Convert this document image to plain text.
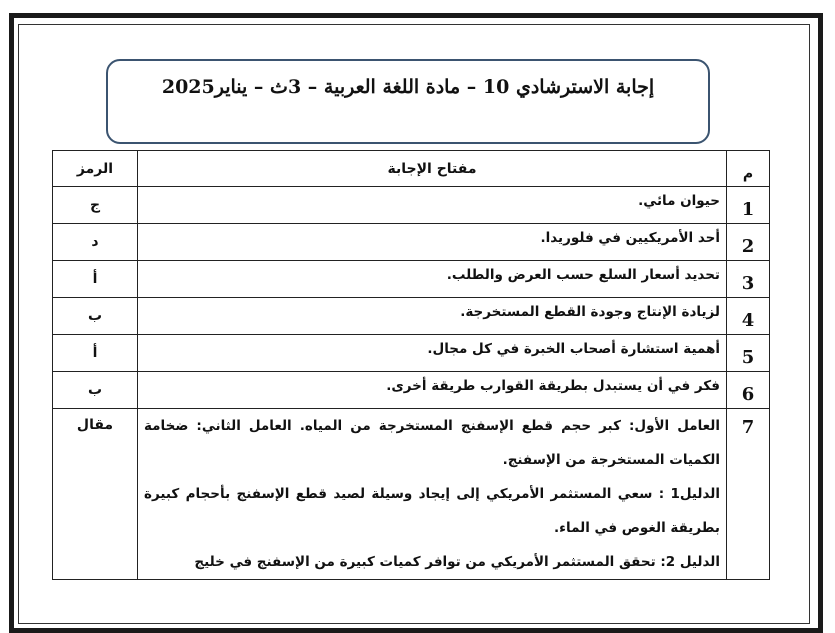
إجابة الاسترشادي 10 – مادة اللغة العربية – 3ث – يناير2025
م	مفتاح الإجابة	الرمز
1	حيوان مائي.	ج
2	أحد الأمريكيين في فلوريدا.	د
3	تحديد أسعار السلع حسب العرض والطلب.	أ
4	لزيادة الإنتاج وجودة القطع المستخرجة.	ب
5	أهمية استشارة أصحاب الخبرة في كل مجال.	أ
6	فكر في أن يستبدل بطريقة القوارب طريقة أخرى.	ب
7	العامل الأول: كبر حجم قطع الإسفنج المستخرجة من المياه. العامل الثاني: ضخامة الكميات المستخرجة من الإسفنج.
الدليل1 : سعي المستثمر الأمريكي إلى إيجاد وسيلة لصيد قطع الإسفنج بأحجام كبيرة بطريقة الغوص في الماء.
الدليل 2: تحقق المستثمر الأمريكي من توافر كميات كبيرة من الإسفنج في خليج	مقال
